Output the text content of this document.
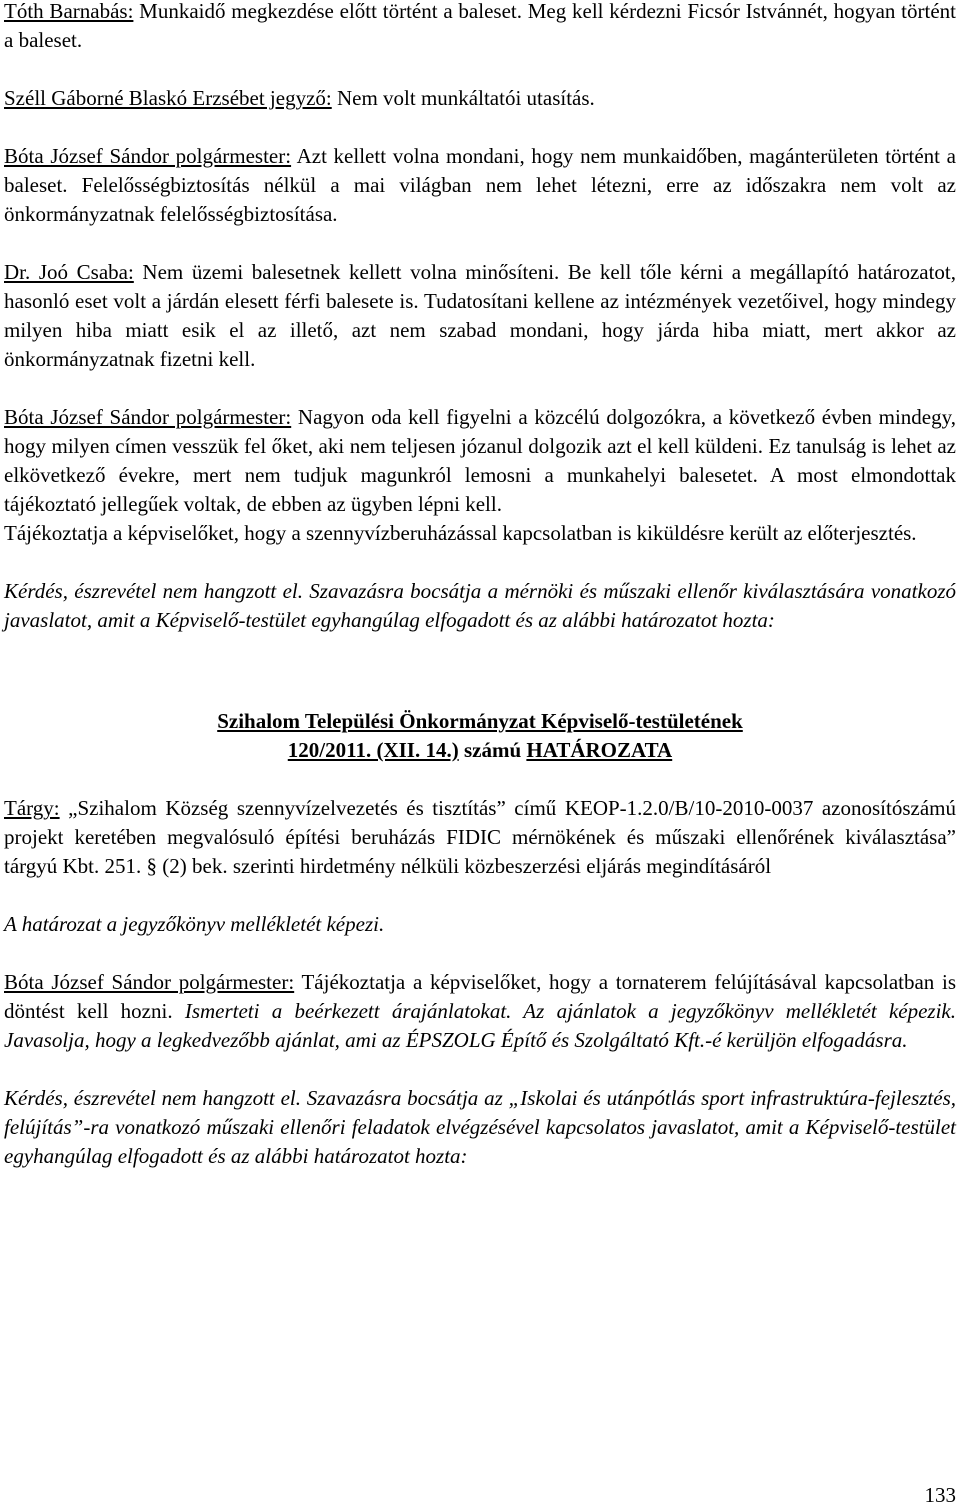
Tóth Barnabás: Munkaidő megkezdése előtt történt a baleset. Meg kell kérdezni Ficsór Istvánnét, hogyan történt a baleset.

Széll Gáborné Blaskó Erzsébet jegyző: Nem volt munkáltatói utasítás.

Bóta József Sándor polgármester: Azt kellett volna mondani, hogy nem munkaidőben, magánterületen történt a baleset. Felelősségbiztosítás nélkül a mai világban nem lehet létezni, erre az időszakra nem volt az önkormányzatnak felelősségbiztosítása.

Dr. Joó Csaba: Nem üzemi balesetnek kellett volna minősíteni. Be kell tőle kérni a megállapító határozatot, hasonló eset volt a járdán elesett férfi balesete is. Tudatosítani kellene az intézmények vezetőivel, hogy mindegy milyen hiba miatt esik el az illető, azt nem szabad mondani, hogy járda hiba miatt, mert akkor az önkormányzatnak fizetni kell.

Bóta József Sándor polgármester: Nagyon oda kell figyelni a közcélú dolgozókra, a következő évben mindegy, hogy milyen címen vesszük fel őket, aki nem teljesen józanul dolgozik azt el kell küldeni. Ez tanulság is lehet az elkövetkező évekre, mert nem tudjuk magunkról lemosni a munkahelyi balesetet. A most elmondottak tájékoztató jellegűek voltak, de ebben az ügyben lépni kell.

Tájékoztatja a képviselőket, hogy a szennyvízberuházással kapcsolatban is kiküldésre került az előterjesztés.

Kérdés, észrevétel nem hangzott el. Szavazásra bocsátja a mérnöki és műszaki ellenőr kiválasztására vonatkozó javaslatot, amit a Képviselő-testület egyhangúlag elfogadott és az alábbi határozatot hozta:

Szihalom Települési Önkormányzat Képviselő-testületének

120/2011. (XII. 14.) számú HATÁROZATA

Tárgy: „Szihalom Község szennyvízelvezetés és tisztítás” című KEOP-1.2.0/B/10-2010-0037 azonosítószámú projekt keretében megvalósuló építési beruházás FIDIC mérnökének és műszaki ellenőrének kiválasztása” tárgyú Kbt. 251. § (2) bek. szerinti hirdetmény nélküli közbeszerzési eljárás megindításáról

A határozat a jegyzőkönyv mellékletét képezi.

Bóta József Sándor polgármester: Tájékoztatja a képviselőket, hogy a tornaterem felújításával kapcsolatban is döntést kell hozni. Ismerteti a beérkezett árajánlatokat. Az ajánlatok a jegyzőkönyv mellékletét képezik. Javasolja, hogy a legkedvezőbb ajánlat, ami az ÉPSZOLG Építő és Szolgáltató Kft.-é kerüljön elfogadásra.

Kérdés, észrevétel nem hangzott el. Szavazásra bocsátja az „Iskolai és utánpótlás sport infrastruktúra-fejlesztés, felújítás”-ra vonatkozó műszaki ellenőri feladatok elvégzésével kapcsolatos javaslatot, amit a Képviselő-testület egyhangúlag elfogadott és az alábbi határozatot hozta:

133
